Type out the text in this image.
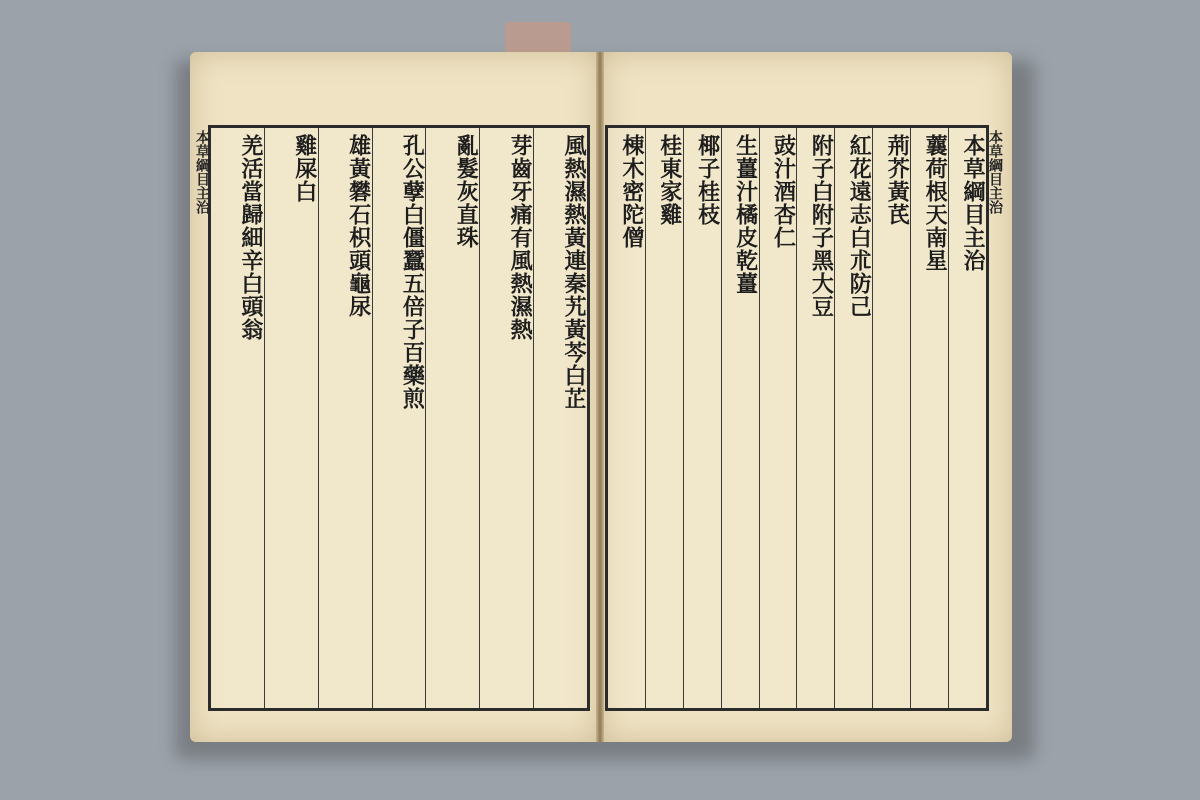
本草綱目主治
蘘荷根天南星
荊芥黃芪
紅花遠志白朮防己
附子白附子黑大豆
豉汁酒杏仁
生薑汁橘皮乾薑
椰子桂枝
桂東家雞
棟木密陀僧
風熱濕熱黃連秦艽黃芩白芷
芽齒牙痛有風熱濕熱
亂髮灰直珠
孔公孽白僵蠶五倍子百藥煎
雄黃礬石枳頭龜尿
雞屎白
羌活當歸細辛白頭翁	本草綱目主治
本草綱目主治
